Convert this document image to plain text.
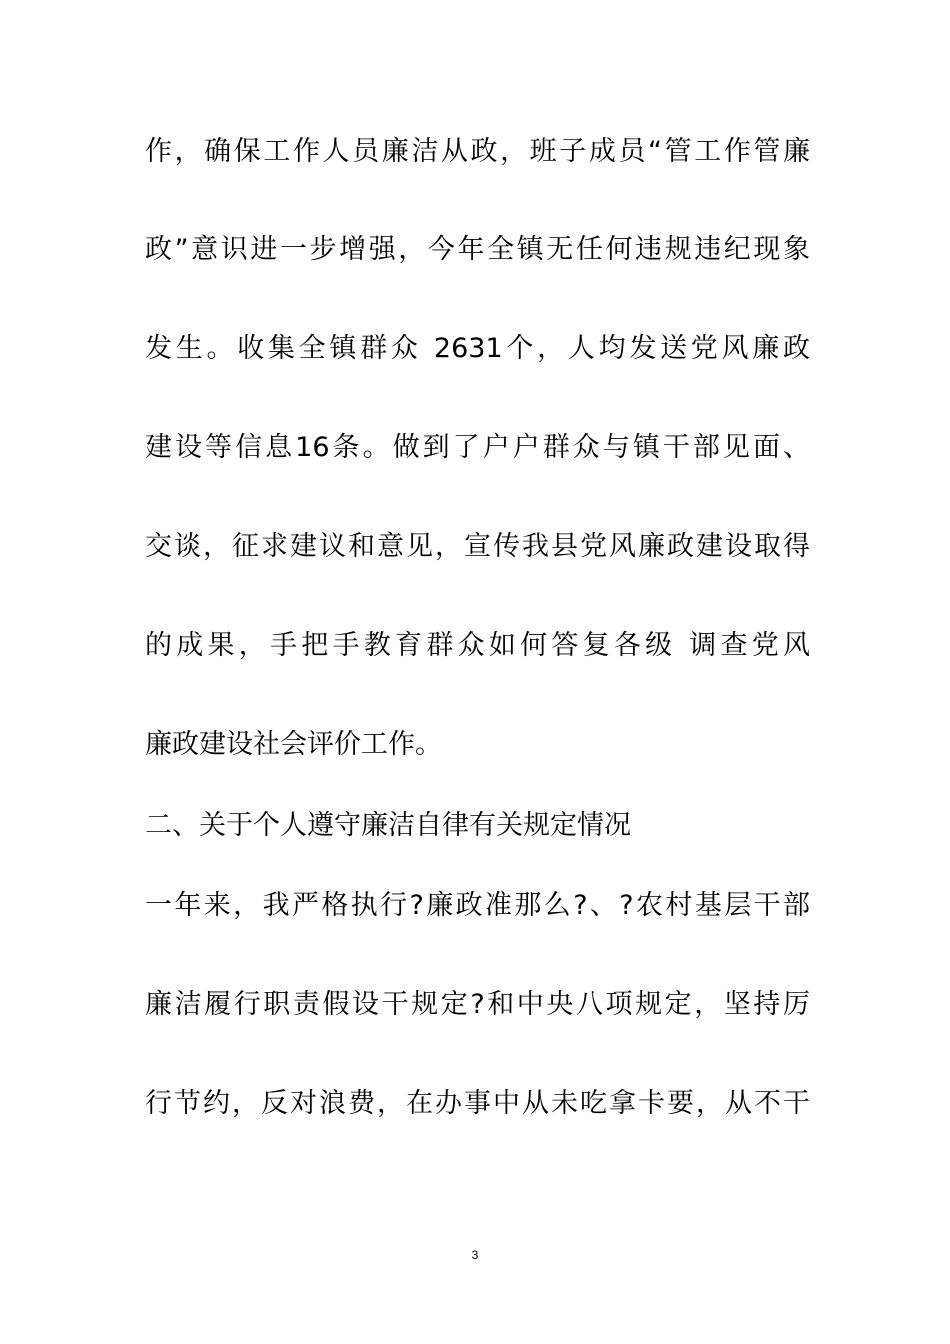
作，确保工作人员廉洁从政，班子成员“管工作管廉

政”意识进一步增强，今年全镇无任何违规违纪现象

发生。收集全镇群众 2631个，人均发送党风廉政

建设等信息16条。做到了户户群众与镇干部见面、

交谈，征求建议和意见，宣传我县党风廉政建设取得

的成果，手把手教育群众如何答复各级 调查党风

廉政建设社会评价工作。

二、关于个人遵守廉洁自律有关规定情况

一年来，我严格执行?廉政准那么?、?农村基层干部

廉洁履行职责假设干规定?和中央八项规定，坚持厉

行节约，反对浪费，在办事中从未吃拿卡要，从不干

3
